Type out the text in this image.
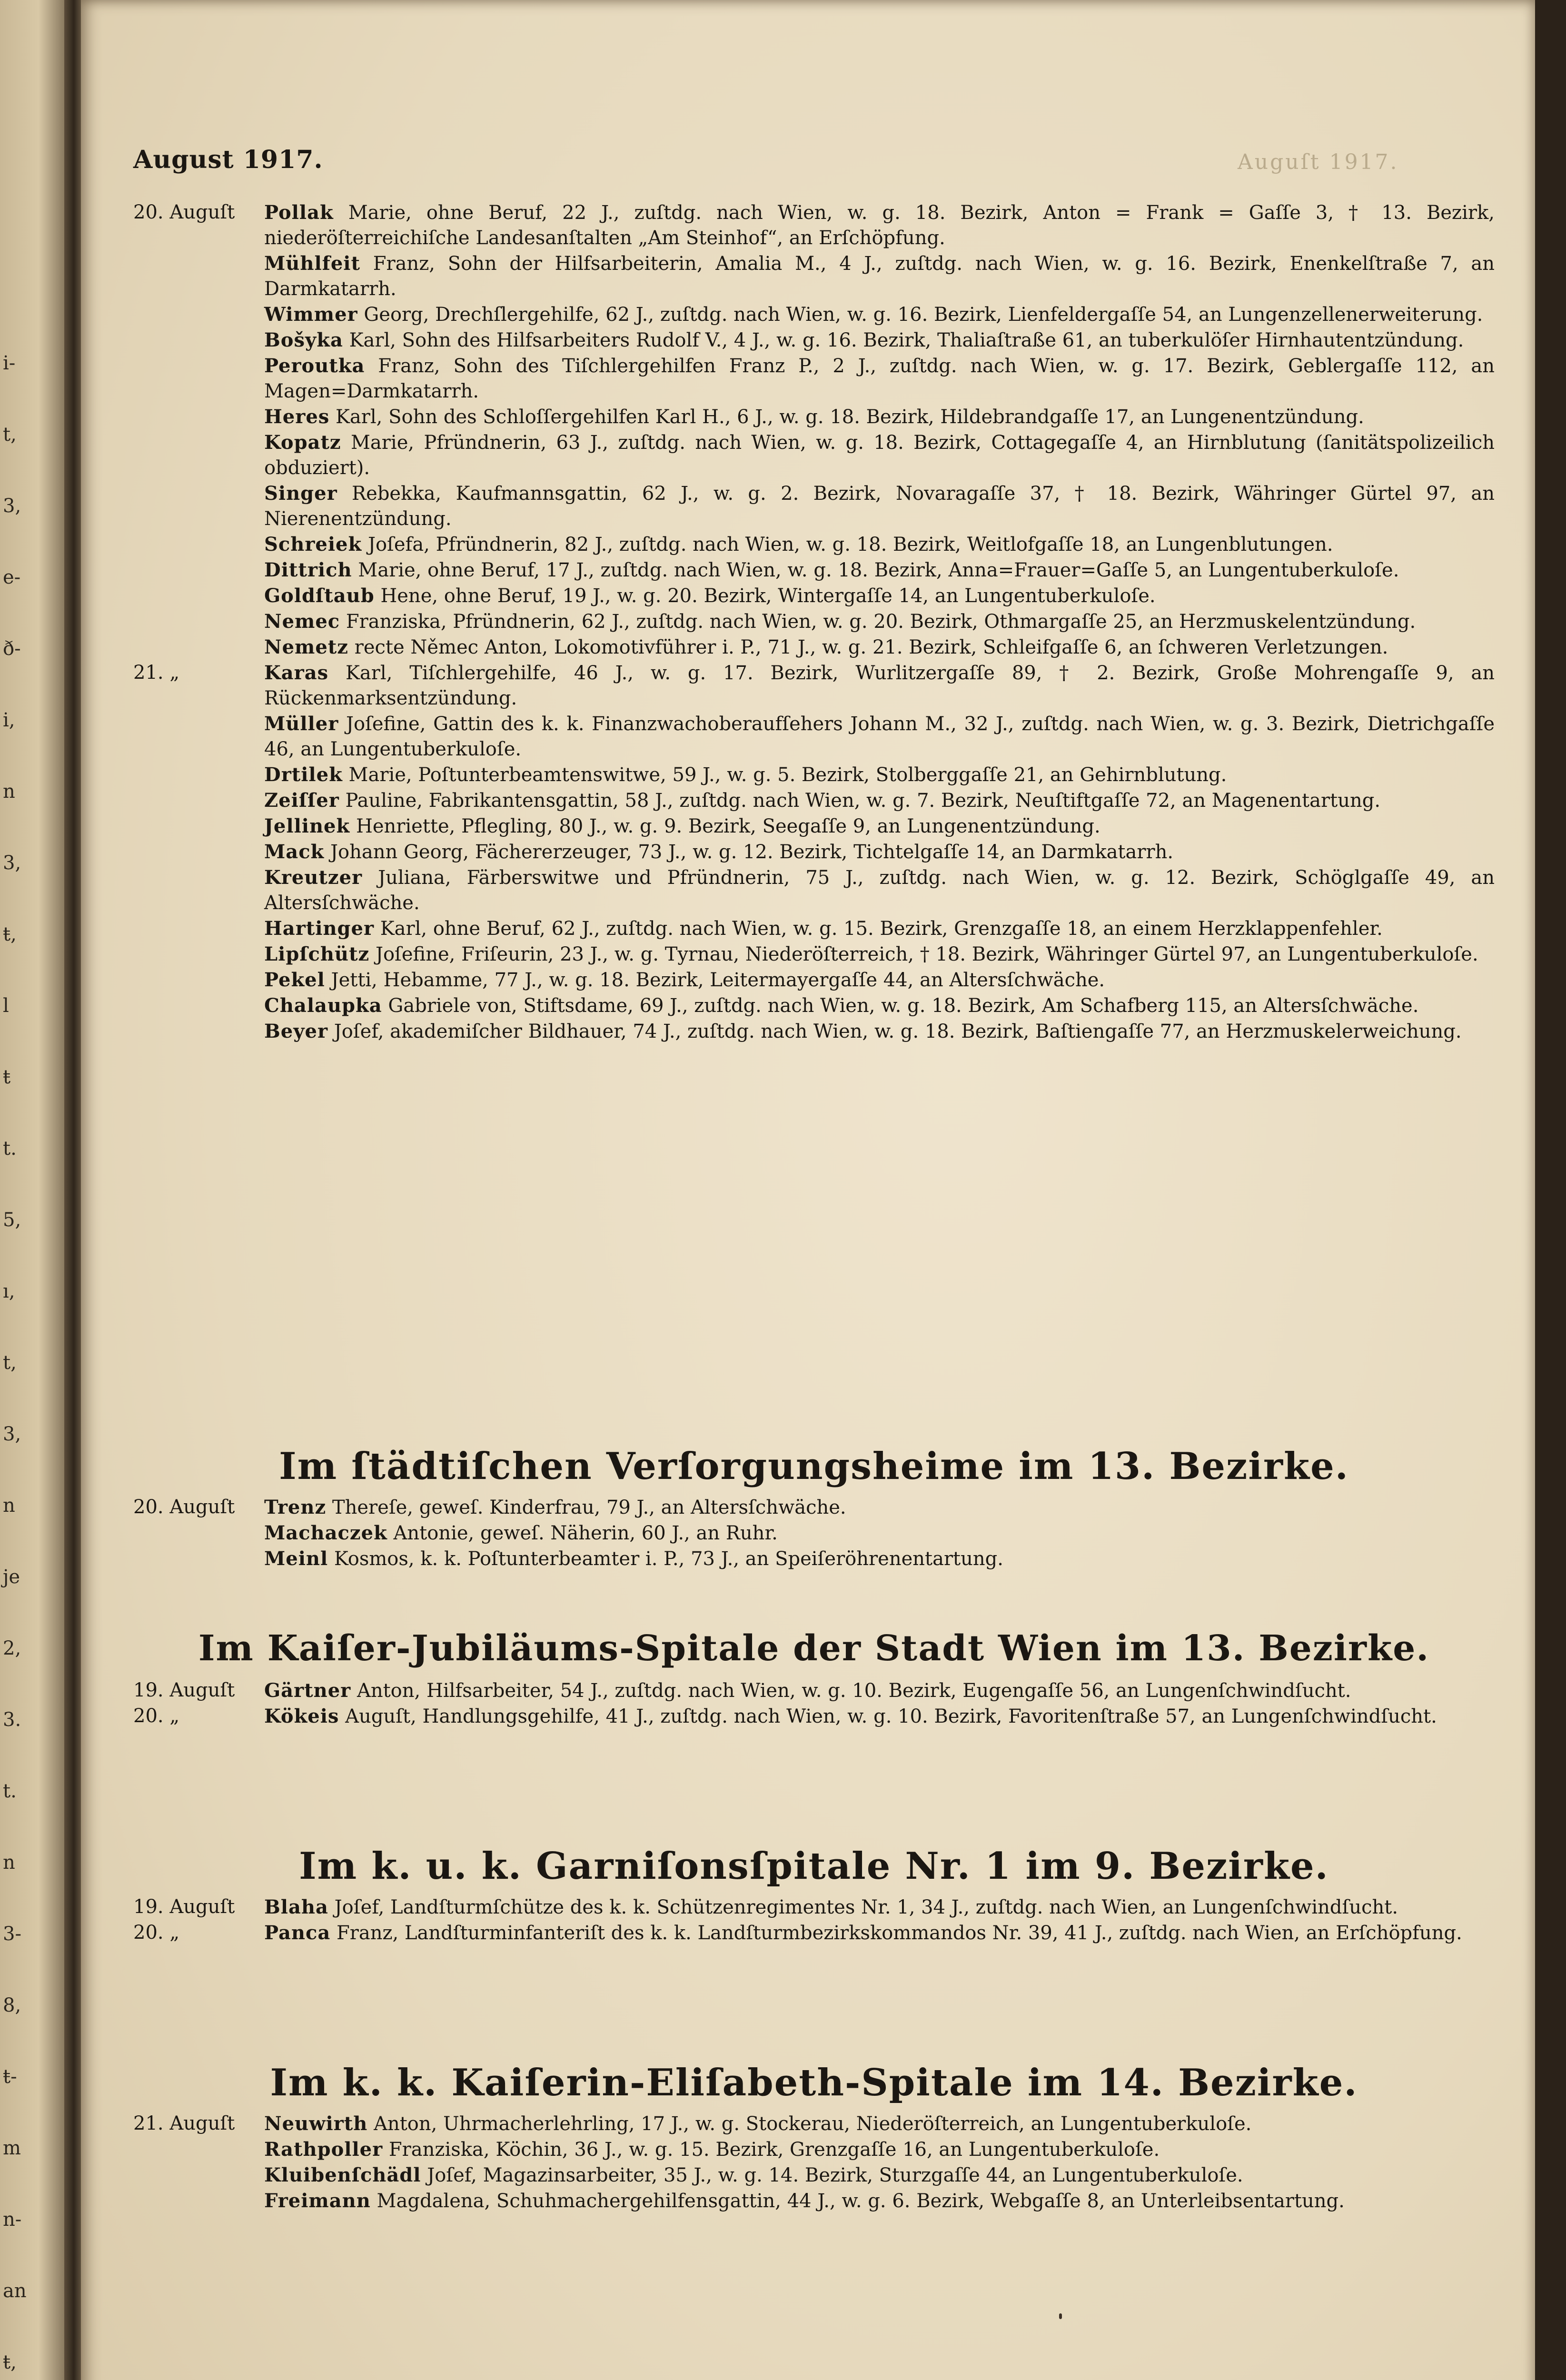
i-
t,
3,
e-
ð-
i,
n
3,
ŧ,
l
ŧ
t.
5,
ı,
t,
3,
n
je
2,
3.
t.
n
3-
8,
ŧ-
m
n-
an
ŧ,
August 1917.	Auguſt 1917.
20. Auguſt	Pollak Marie, ohne Beruf, 22 J., zuſtdg. nach Wien, w. g. 18. Bezirk, Anton = Frank = Gaſſe 3, † 13. Bezirk, niederöſterreichiſche Landesanſtalten „Am Steinhof“, an Erſchöpfung.
Mühlfeit Franz, Sohn der Hilfsarbeiterin, Amalia M., 4 J., zuſtdg. nach Wien, w. g. 16. Bezirk, Enenkelſtraße 7, an Darmkatarrh.
Wimmer Georg, Drechſlergehilfe, 62 J., zuſtdg. nach Wien, w. g. 16. Bezirk, Lienfeldergaſſe 54, an Lungenzellenerweiterung.
Bošyka Karl, Sohn des Hilfsarbeiters Rudolf V., 4 J., w. g. 16. Bezirk, Thaliaſtraße 61, an tuberkulöſer Hirnhautentzündung.
Peroutka Franz, Sohn des Tiſchlergehilfen Franz P., 2 J., zuſtdg. nach Wien, w. g. 17. Bezirk, Geblergaſſe 112, an Magen=Darmkatarrh.
Heres Karl, Sohn des Schloſſergehilfen Karl H., 6 J., w. g. 18. Bezirk, Hildebrandgaſſe 17, an Lungenentzündung.
Kopatz Marie, Pfründnerin, 63 J., zuſtdg. nach Wien, w. g. 18. Bezirk, Cottagegaſſe 4, an Hirnblutung (ſanitätspolizeilich obduziert).
Singer Rebekka, Kaufmannsgattin, 62 J., w. g. 2. Bezirk, Novaragaſſe 37, † 18. Bezirk, Währinger Gürtel 97, an Nierenentzündung.
Schreiek Joſefa, Pfründnerin, 82 J., zuſtdg. nach Wien, w. g. 18. Bezirk, Weitlofgaſſe 18, an Lungenblutungen.
Dittrich Marie, ohne Beruf, 17 J., zuſtdg. nach Wien, w. g. 18. Bezirk, Anna=Frauer=Gaſſe 5, an Lungentuberkuloſe.
Goldſtaub Hene, ohne Beruf, 19 J., w. g. 20. Bezirk, Wintergaſſe 14, an Lungentuberkuloſe.
Nemec Franziska, Pfründnerin, 62 J., zuſtdg. nach Wien, w. g. 20. Bezirk, Othmargaſſe 25, an Herzmuskelentzündung.
Nemetz recte Němec Anton, Lokomotivführer i. P., 71 J., w. g. 21. Bezirk, Schleifgaſſe 6, an ſchweren Verletzungen.
21. „	Karas Karl, Tiſchlergehilfe, 46 J., w. g. 17. Bezirk, Wurlitzergaſſe 89, † 2. Bezirk, Große Mohrengaſſe 9, an Rückenmarksentzündung.
Müller Joſefine, Gattin des k. k. Finanzwachoberaufſehers Johann M., 32 J., zuſtdg. nach Wien, w. g. 3. Bezirk, Dietrichgaſſe 46, an Lungentuberkuloſe.
Drtilek Marie, Poſtunterbeamtenswitwe, 59 J., w. g. 5. Bezirk, Stolberggaſſe 21, an Gehirnblutung.
Zeiſſer Pauline, Fabrikantensgattin, 58 J., zuſtdg. nach Wien, w. g. 7. Bezirk, Neuſtiftgaſſe 72, an Magenentartung.
Jellinek Henriette, Pflegling, 80 J., w. g. 9. Bezirk, Seegaſſe 9, an Lungenentzündung.
Mack Johann Georg, Fächererzeuger, 73 J., w. g. 12. Bezirk, Tichtelgaſſe 14, an Darmkatarrh.
Kreutzer Juliana, Färberswitwe und Pfründnerin, 75 J., zuſtdg. nach Wien, w. g. 12. Bezirk, Schöglgaſſe 49, an Altersſchwäche.
Hartinger Karl, ohne Beruf, 62 J., zuſtdg. nach Wien, w. g. 15. Bezirk, Grenzgaſſe 18, an einem Herzklappenfehler.
Lipſchütz Joſefine, Friſeurin, 23 J., w. g. Tyrnau, Niederöſterreich, † 18. Bezirk, Währinger Gürtel 97, an Lungentuberkuloſe.
Pekel Jetti, Hebamme, 77 J., w. g. 18. Bezirk, Leitermayergaſſe 44, an Altersſchwäche.
Chalaupka Gabriele von, Stiftsdame, 69 J., zuſtdg. nach Wien, w. g. 18. Bezirk, Am Schafberg 115, an Altersſchwäche.
Beyer Joſef, akademiſcher Bildhauer, 74 J., zuſtdg. nach Wien, w. g. 18. Bezirk, Baſtiengaſſe 77, an Herzmuskelerweichung.
Im ſtädtiſchen Verſorgungsheime im 13. Bezirke.
20. Auguſt	Trenz Thereſe, geweſ. Kinderfrau, 79 J., an Altersſchwäche.
Machaczek Antonie, geweſ. Näherin, 60 J., an Ruhr.
Meinl Kosmos, k. k. Poſtunterbeamter i. P., 73 J., an Speiſeröhrenentartung.
Im Kaiſer-Jubiläums-Spitale der Stadt Wien im 13. Bezirke.
19. Auguſt	Gärtner Anton, Hilfsarbeiter, 54 J., zuſtdg. nach Wien, w. g. 10. Bezirk, Eugengaſſe 56, an Lungenſchwindſucht.
20. „	Kökeis Auguſt, Handlungsgehilfe, 41 J., zuſtdg. nach Wien, w. g. 10. Bezirk, Favoritenſtraße 57, an Lungenſchwindſucht.
Im k. u. k. Garniſonsſpitale Nr. 1 im 9. Bezirke.
19. Auguſt	Blaha Joſef, Landſturmſchütze des k. k. Schützenregimentes Nr. 1, 34 J., zuſtdg. nach Wien, an Lungenſchwindſucht.
20. „	Panca Franz, Landſturminfanteriſt des k. k. Landſturmbezirkskommandos Nr. 39, 41 J., zuſtdg. nach Wien, an Erſchöpfung.
Im k. k. Kaiſerin-Eliſabeth-Spitale im 14. Bezirke.
21. Auguſt	Neuwirth Anton, Uhrmacherlehrling, 17 J., w. g. Stockerau, Niederöſterreich, an Lungentuberkuloſe.
Rathpoller Franziska, Köchin, 36 J., w. g. 15. Bezirk, Grenzgaſſe 16, an Lungentuberkuloſe.
Kluibenſchädl Joſef, Magazinsarbeiter, 35 J., w. g. 14. Bezirk, Sturzgaſſe 44, an Lungentuberkuloſe.
Freimann Magdalena, Schuhmachergehilfensgattin, 44 J., w. g. 6. Bezirk, Webgaſſe 8, an Unterleibsentartung.
